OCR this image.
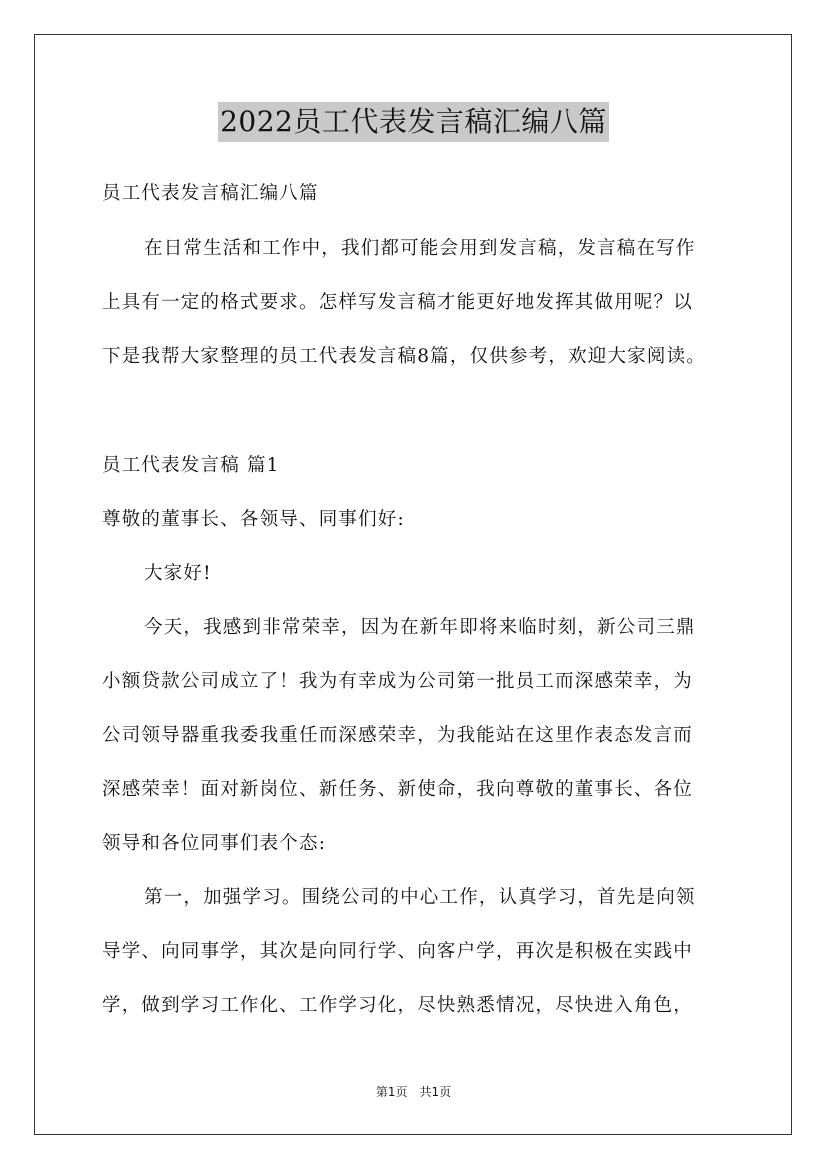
2022员工代表发言稿汇编八篇
员工代表发言稿汇编八篇
在日常生活和工作中，我们都可能会用到发言稿，发言稿在写作
上具有一定的格式要求。怎样写发言稿才能更好地发挥其做用呢？以
下是我帮大家整理的员工代表发言稿8篇，仅供参考，欢迎大家阅读。
员工代表发言稿 篇1
尊敬的董事长、各领导、同事们好:
大家好!
今天，我感到非常荣幸，因为在新年即将来临时刻，新公司三鼎
小额贷款公司成立了！我为有幸成为公司第一批员工而深感荣幸，为
公司领导器重我委我重任而深感荣幸，为我能站在这里作表态发言而
深感荣幸！面对新岗位、新任务、新使命，我向尊敬的董事长、各位
领导和各位同事们表个态:
第一，加强学习。围绕公司的中心工作，认真学习，首先是向领
导学、向同事学，其次是向同行学、向客户学，再次是积极在实践中
学，做到学习工作化、工作学习化，尽快熟悉情况，尽快进入角色，
第1页 共1页
